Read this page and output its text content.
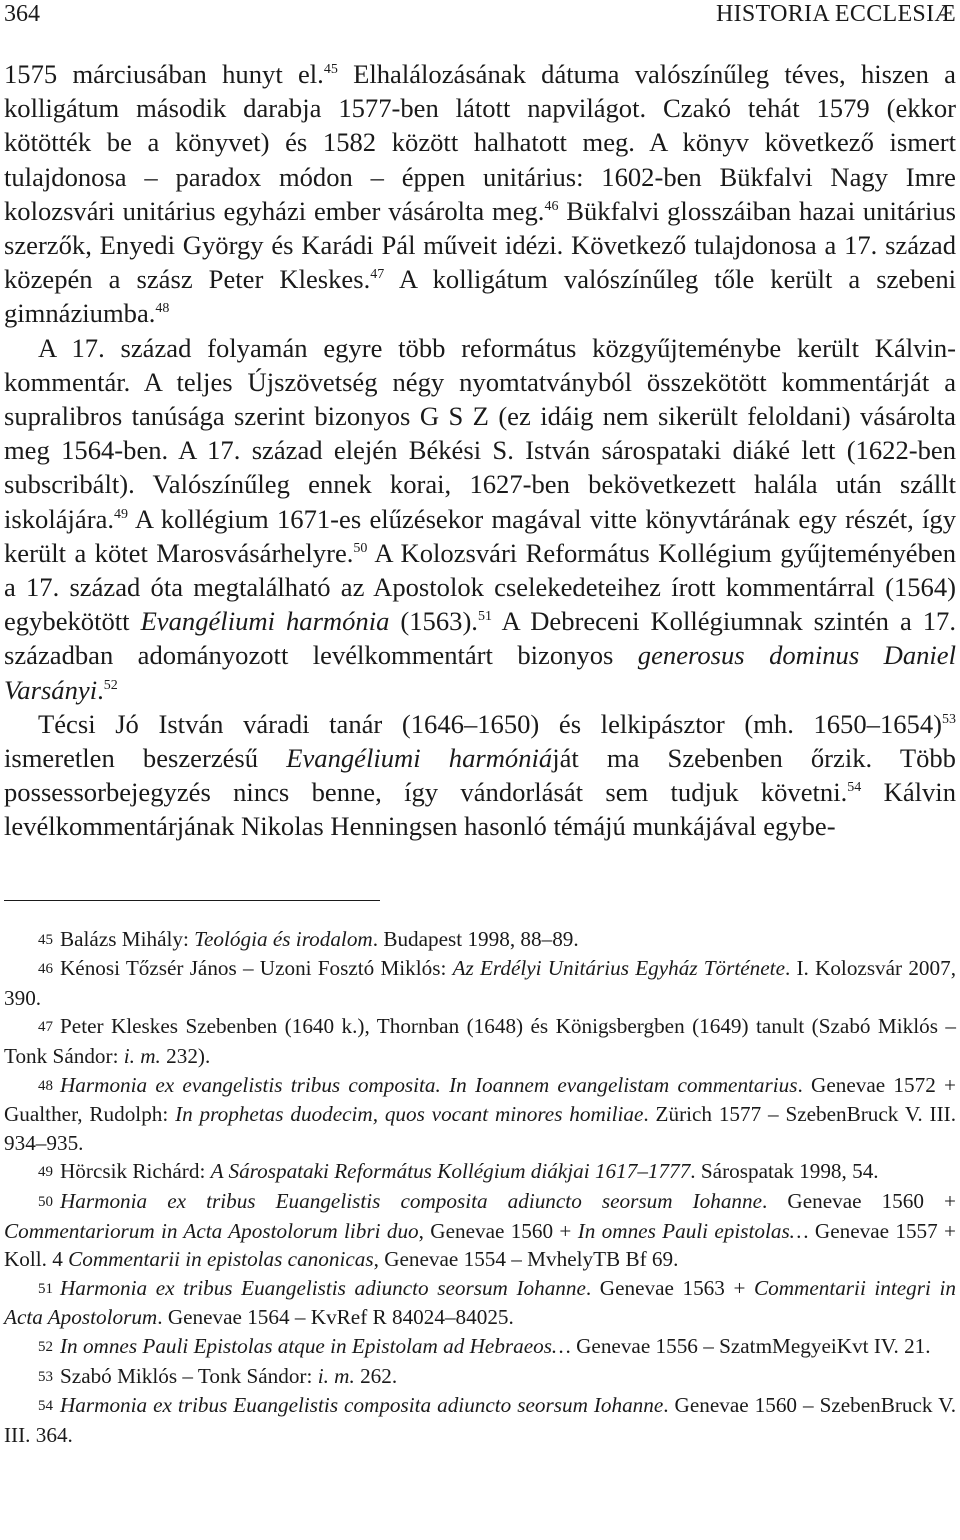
364	HISTORIA ECCLESIÆ

1575 márciusában hunyt el.$^{45}$ Elhalálozásának dátuma valószínűleg téves, hiszen a kolligátum második darabja 1577-ben látott napvilágot. Czakó tehát 1579 (ekkor kötötték be a könyvet) és 1582 között halhatott meg. A könyv következő ismert tulajdonosa – paradox módon – éppen unitárius: 1602-ben Bükfalvi Nagy Imre kolozsvári unitárius egyházi ember vásárolta meg.$^{46}$ Bükfalvi glosszáiban hazai unitárius szerzők, Enyedi György és Karádi Pál műveit idézi. Következő tulajdonosa a 17. század közepén a szász Peter Kleskes.$^{47}$ A kolligátum valószínűleg tőle került a szebeni gimnáziumba.$^{48}$

A 17. század folyamán egyre több református közgyűjteménybe került Kálvin-kommentár. A teljes Újszövetség négy nyomtatványból összekötött kommentárját a supralibros tanúsága szerint bizonyos G S Z (ez idáig nem sikerült feloldani) vásárolta meg 1564-ben. A 17. század elején Békési S. István sárospataki diáké lett (1622-ben subscribált). Valószínűleg ennek korai, 1627-ben bekövetkezett halála után szállt iskolájára.$^{49}$ A kollégium 1671-es elűzésekor magával vitte könyvtárának egy részét, így került a kötet Marosvásárhelyre.$^{50}$ A Kolozsvári Református Kollégium gyűjteményében a 17. század óta megtalálható az Apostolok cselekedeteihez írott kommentárral (1564) egybekötött Evangéliumi harmónia (1563).$^{51}$ A Debreceni Kollégiumnak szintén a 17. században adományozott levélkommentárt bizonyos generosus dominus Daniel Varsányi.$^{52}$

Técsi Jó István váradi tanár (1646–1650) és lelkipásztor (mh. 1650–1654)$^{53}$ ismeretlen beszerzésű Evangéliumi harmóniáját ma Szebenben őrzik. Több possessorbejegyzés nincs benne, így vándorlását sem tudjuk követni.$^{54}$ Kálvin levélkommentárjának Nikolas Henningsen hasonló témájú munkájával egybe-

45 Balázs Mihály: Teológia és irodalom. Budapest 1998, 88–89.

46 Kénosi Tőzsér János – Uzoni Fosztó Miklós: Az Erdélyi Unitárius Egyház Története. I. Kolozsvár 2007, 390.

47 Peter Kleskes Szebenben (1640 k.), Thornban (1648) és Königsbergben (1649) tanult (Szabó Miklós – Tonk Sándor: i. m. 232).

48 Harmonia ex evangelistis tribus composita. In Ioannem evangelistam commentarius. Genevae 1572 + Gualther, Rudolph: In prophetas duodecim, quos vocant minores homiliae. Zürich 1577 – SzebenBruck V. III. 934–935.

49 Hörcsik Richárd: A Sárospataki Református Kollégium diákjai 1617–1777. Sárospatak 1998, 54.

50 Harmonia ex tribus Euangelistis composita adiuncto seorsum Iohanne. Genevae 1560 + Commentariorum in Acta Apostolorum libri duo, Genevae 1560 + In omnes Pauli epistolas… Genevae 1557 + Koll. 4 Commentarii in epistolas canonicas, Genevae 1554 – MvhelyTB Bf 69.

51 Harmonia ex tribus Euangelistis adiuncto seorsum Iohanne. Genevae 1563 + Commentarii integri in Acta Apostolorum. Genevae 1564 – KvRef R 84024–84025.

52 In omnes Pauli Epistolas atque in Epistolam ad Hebraeos… Genevae 1556 – SzatmMegyeiKvt IV. 21.

53 Szabó Miklós – Tonk Sándor: i. m. 262.

54 Harmonia ex tribus Euangelistis composita adiuncto seorsum Iohanne. Genevae 1560 – SzebenBruck V. III. 364.
